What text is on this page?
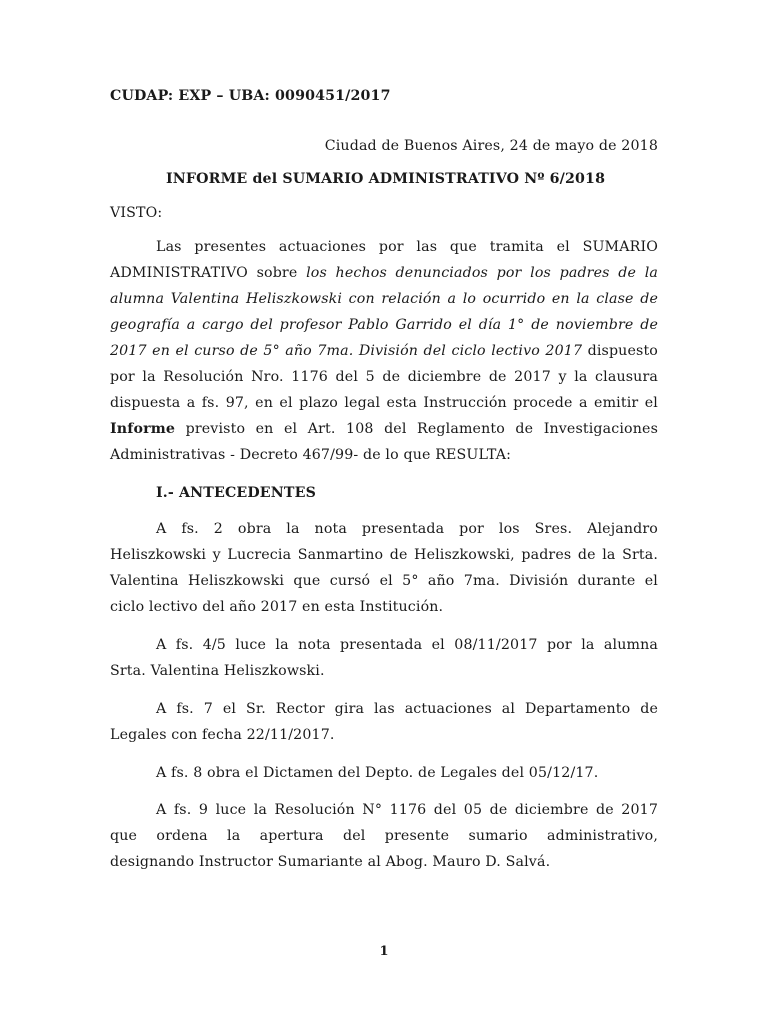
CUDAP: EXP – UBA: 0090451/2017
Ciudad de Buenos Aires, 24 de mayo de 2018
INFORME del SUMARIO ADMINISTRATIVO Nº 6/2018
VISTO:
Las presentes actuaciones por las que tramita el SUMARIO
ADMINISTRATIVO sobre los hechos denunciados por los padres de la
alumna Valentina Heliszkowski con relación a lo ocurrido en la clase de
geografía a cargo del profesor Pablo Garrido el día 1° de noviembre de
2017 en el curso de 5° año 7ma. División del ciclo lectivo 2017 dispuesto
por la Resolución Nro. 1176 del 5 de diciembre de 2017 y la clausura
dispuesta a fs. 97, en el plazo legal esta Instrucción procede a emitir el
Informe previsto en el Art. 108 del Reglamento de Investigaciones
Administrativas - Decreto 467/99- de lo que RESULTA:
I.- ANTECEDENTES
A fs. 2 obra la nota presentada por los Sres. Alejandro
Heliszkowski y Lucrecia Sanmartino de Heliszkowski, padres de la Srta.
Valentina Heliszkowski que cursó el 5° año 7ma. División durante el
ciclo lectivo del año 2017 en esta Institución.
A fs. 4/5 luce la nota presentada el 08/11/2017 por la alumna
Srta. Valentina Heliszkowski.
A fs. 7 el Sr. Rector gira las actuaciones al Departamento de
Legales con fecha 22/11/2017.
A fs. 8 obra el Dictamen del Depto. de Legales del 05/12/17.
A fs. 9 luce la Resolución N° 1176 del 05 de diciembre de 2017
que ordena la apertura del presente sumario administrativo,
designando Instructor Sumariante al Abog. Mauro D. Salvá.
1
